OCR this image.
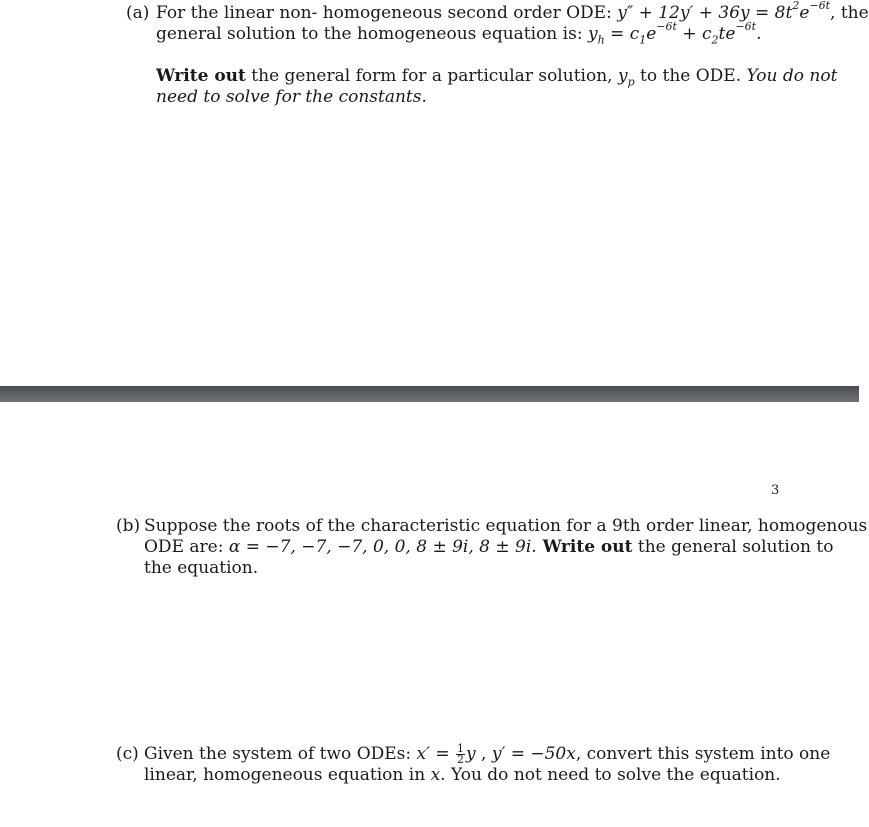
(a) For the linear non- homogeneous second order ODE: $y'' + 12y' + 36y = 8t^2e^{-6t}$, the
general solution to the homogeneous equation is: $y_h = c_1e^{-6t} + c_2te^{-6t}$.
Write out the general form for a particular solution, $y_p$ to the ODE. You do not
need to solve for the constants.
3
(b) Suppose the roots of the characteristic equation for a 9th order linear, homogenous
ODE are: α = −7, −7, −7, 0, 0, 8 ± 9i, 8 ± 9i. Write out the general solution to
the equation.
(c) Given the system of two ODEs: $x' = \frac{1}{2}$ y , y′ = −50x, convert this system into one
linear, homogeneous equation in x. You do not need to solve the equation.
